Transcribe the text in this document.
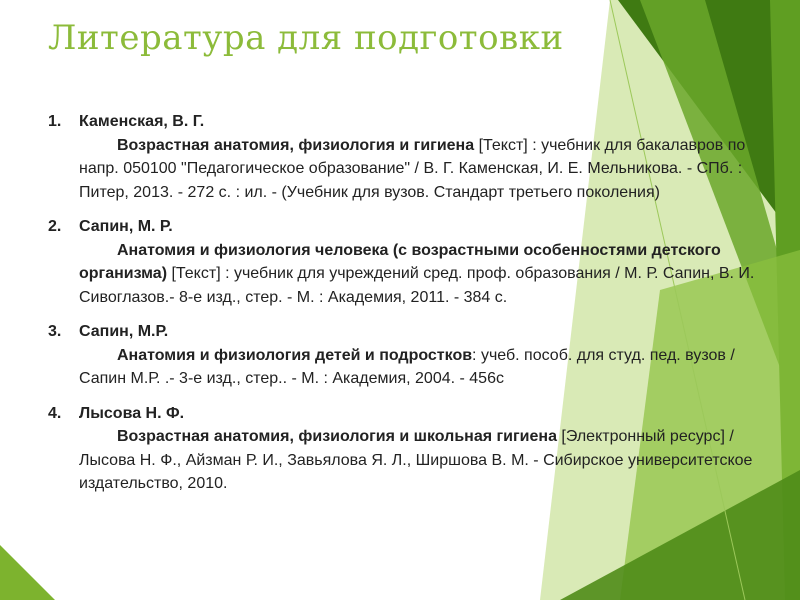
Литература для подготовки
1. Каменская, В. Г.
Возрастная анатомия, физиология и гигиена [Текст] : учебник для бакалавров по напр. 050100 "Педагогическое образование" / В. Г. Каменская, И. Е. Мельникова. - СПб. : Питер, 2013. - 272 с. : ил. - (Учебник для вузов. Стандарт третьего поколения)
2. Сапин, М. Р.
Анатомия и физиология человека (с возрастными особенностями детского организма) [Текст] : учебник для учреждений сред. проф. образования / М. Р. Сапин, В. И. Сивоглазов.- 8-е изд., стер. - М. : Академия, 2011. - 384 с.
3. Сапин, М.Р.
Анатомия и физиология детей и подростков: учеб. пособ. для студ. пед. вузов / Сапин М.Р. .- 3-е изд., стер.. - М. : Академия, 2004. - 456с
4. Лысова Н. Ф.
Возрастная анатомия, физиология и школьная гигиена [Электронный ресурс] / Лысова Н. Ф., Айзман Р. И., Завьялова Я. Л., Ширшова В. М. - Сибирское университетское издательство, 2010.
